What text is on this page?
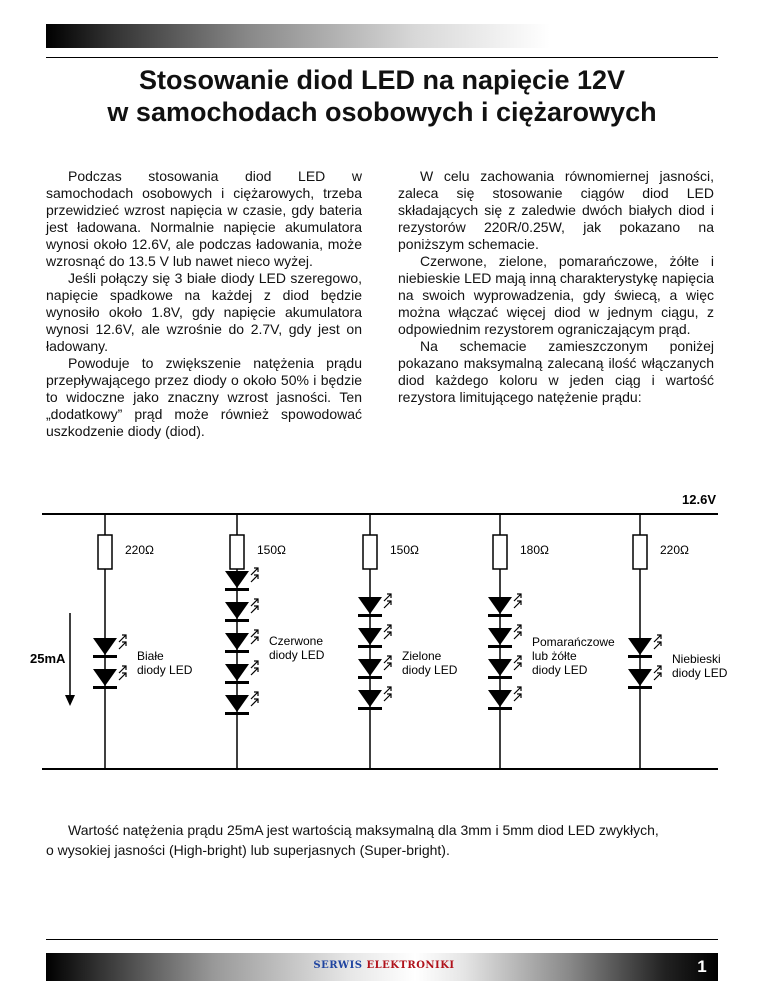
Stosowanie diod LED na napięcie 12V
w samochodach osobowych i ciężarowych

Podczas stosowania diod LED w samochodach osobowych i ciężarowych, trzeba przewidzieć wzrost napięcia w czasie, gdy bateria jest ładowana. Normalnie napięcie akumulatora wynosi około 12.6V, ale podczas ładowania, może wzrosnąć do 13.5 V lub nawet nieco wyżej.

Jeśli połączy się 3 białe diody LED szeregowo, napięcie spadkowe na każdej z diod będzie wynosiło około 1.8V, gdy napięcie akumulatora wynosi 12.6V, ale wzrośnie do 2.7V, gdy jest on ładowany.

Powoduje to zwiększenie natężenia prądu przepływającego przez diody o około 50% i będzie to widoczne jako znaczny wzrost jasności. Ten „dodatkowy” prąd może również spowodować uszkodzenie diody (diod).

W celu zachowania równomiernej jasności, zaleca się stosowanie ciągów diod LED składających się z zaledwie dwóch białych diod i rezystorów 220R/0.25W, jak pokazano na poniższym schemacie.

Czerwone, zielone, pomarańczowe, żółte i niebieskie LED mają inną charakterystykę napięcia na swoich wyprowadzenia, gdy świecą, a więc można włączać więcej diod w jednym ciągu, z odpowiednim rezystorem ograniczającym prąd.

Na schemacie zamieszczonym poniżej pokazano maksymalną zalecaną ilość włączanych diod każdego koloru w jeden ciąg i wartość rezystora limitującego natężenie prądu:

12.6V
25mA
220Ω
Białe diody LED
150Ω
Czerwone diody LED
150Ω
Zielone diody LED
180Ω
Pomarańczowe lub żółte diody LED
220Ω
Niebieski diody LED

Wartość natężenia prądu 25mA jest wartością maksymalną dla 3mm i 5mm diod LED zwykłych,
o wysokiej jasności (High-bright) lub superjasnych (Super-bright).

SERWIS ELEKTRONIKI	1
